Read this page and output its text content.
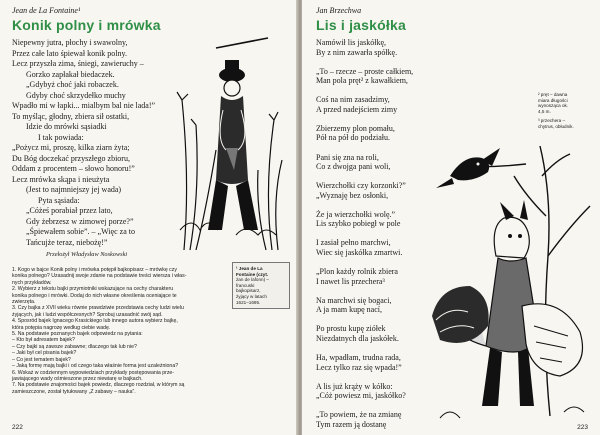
Jean de La Fontaine¹
Konik polny i mrówka
Niepewny jutra, płochy i swawolny,
Przez całe lato śpiewał konik polny.
Lecz przyszła zima, śniegi, zawieruchy –
Gorzko zapłakał biedaczek.
„Gdybyż choć jaki robaczek.
Gdyby choć skrzydełko muchy
Wpadło mi w łapki... mialbym bal nie lada!”
To myśląc, głodny, zbiera sił ostatki,
Idzie do mrówki sąsiadki
I tak powiada:
„Pożycz mi, proszę, kilka ziarn żyta;
Du Bóg doczekać przyszłego zbioru,
Oddam z procentem – słowo honoru!”
Lecz mrówka skąpa i nieużyta
(Jest to najmniejszy jej wada)
Pyta sąsiada:
„Cóżeś porabiał przez lato,
Gdy żebrzesz w zimowej porze?”
„Śpiewałem sobie”. – „Więc za to
Tańcujże teraz, niebożę!”
Przełożył Władysław Noskowski
¹ Jean de La
Fontaine (czyt.
żan de lafonn) –
francuski
bajkopisarz,
żyjący w latach
1621–1695.
1. Kogo w bajce Konik polny i mrówka potępił bajkopisarz – mrówkę czy
konika polnego? Uzasadnij swoje zdanie na podstawie treści wiersza i włas-
nych przykładów.
2. Wybierz z tekstu bajki przymiotniki wskazujące na cechy charakteru
konika polnego i mrówki. Dodaj do nich własne określenia oceniające te
zwierzęta.
3. Czy bajka z XVII wieku równie prawdziwie przedstawia cechy ludzi wielu
żyjących, jak i ludzi współczesnych? Sprobuj uzasadnić swój sąd.
4. Sposród bajek Ignacego Krasickiego lub innego autora wybierz bajkę,
która potępia nagrozę według ciebie wadę.
5. Na podstawie poznanych bajek odpowiedz na pytania:
– Kto był adresatem bajek?
– Czy bajki są zawsze zabawne; dlaczego tak lub nie?
– Jaki był cel pisania bajek?
– Co jest tematem bajek?
– Jaką formę mają bajki i od czego taka właśnie forma jest uzależniona?
6. Wskaż w codziennym wypowiedziach przykłady postępowania prze-
jawiającego wady ośmieszone przez niewiarę w bajkach.
7. Na podstawie znajomości bajek powiedz, dlaczego rozdział, w którym są
zamieszczone, został tytułowany „Z zabawy – nauka”.
222
Jan Brzechwa
Lis i jaskółka
Namówił lis jaskółkę,
By z nim zawarła spółkę.

„To – rzecze – proste całkiem,
Man pola pręt² z kawałkiem,

Coś na nim zasadzimy,
A przed nadejściem zimy

Zbierzemy plon pomału,
Pół na pół do podziału.

Pani się zna na roli,
Co z dwojga pani woli,

Wierzchołki czy korzonki?”
„Wyznaję bez osłonki,

Że ja wierzchołki wolę.”
Lis szybko pobiegł w pole

I zasiał pełno marchwi,
Wiec się jaskółka zmartwi.

„Plon każdy rolnik zbiera
I nawet lis przechera³

Na marchwi się bogaci,
A ja mam kupę nací,

Po prostu kupę ziółek
Niezdatnych dla jaskółek.

Ha, wpadłam, trudna rada,
Lecz tylko raz się wpada!”

A lis już krąży w kółko:
„Cóż powiesz mi, jaskółko?

„To powiem, że na zmianę
Tym razem ją dostanę
² pręt – dawna
miara długości
wynosząca ok.
4,5 m.
³ przechera –
chytrus, obłudnik.
223
